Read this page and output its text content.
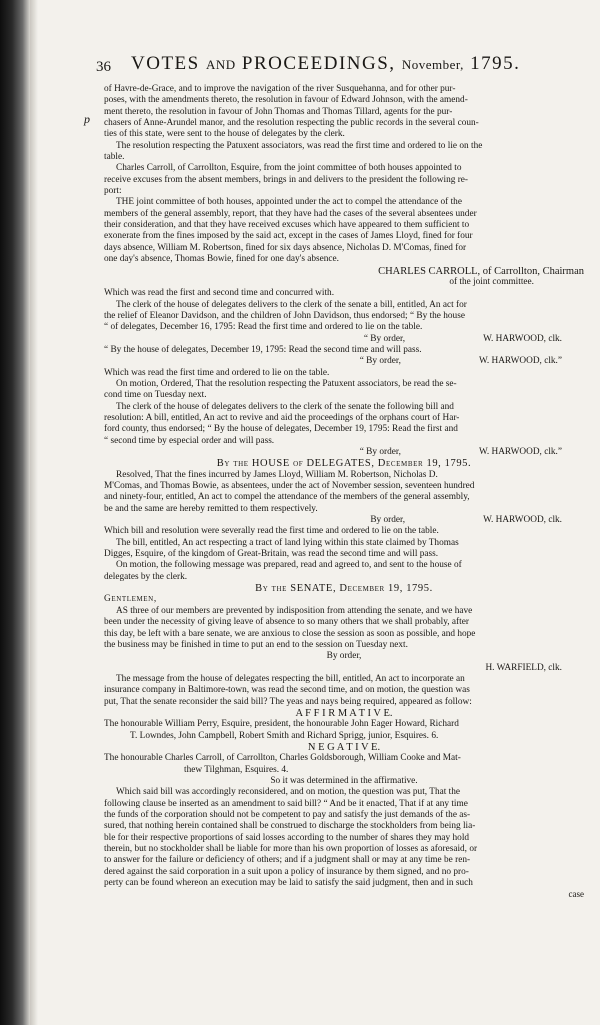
p
36 VOTES AND PROCEEDINGS, November, 1795.

of Havre-de-Grace, and to improve the navigation of the river Susquehanna, and for other pur-

poses, with the amendments thereto, the resolution in favour of Edward Johnson, with the amend-

ment thereto, the resolution in favour of John Thomas and Thomas Tillard, agents for the pur-

chasers of Anne-Arundel manor, and the resolution respecting the public records in the several coun-

ties of this state, were sent to the house of delegates by the clerk.

The resolution respecting the Patuxent associators, was read the first time and ordered to lie on the

table.

Charles Carroll, of Carrollton, Esquire, from the joint committee of both houses appointed to

receive excuses from the absent members, brings in and delivers to the president the following re-

port:

THE joint committee of both houses, appointed under the act to compel the attendance of the

members of the general assembly, report, that they have had the cases of the several absentees under

their consideration, and that they have received excuses which have appeared to them sufficient to

exonerate from the fines imposed by the said act, except in the cases of James Lloyd, fined for four

days absence, William M. Robertson, fined for six days absence, Nicholas D. M'Comas, fined for

one day's absence, Thomas Bowie, fined for one day's absence.

CHARLES CARROLL, of Carrollton, Chairman

of the joint committee.

Which was read the first and second time and concurred with.

The clerk of the house of delegates delivers to the clerk of the senate a bill, entitled, An act for

the relief of Eleanor Davidson, and the children of John Davidson, thus endorsed; “ By the house

“ of delegates, December 16, 1795: Read the first time and ordered to lie on the table.

“ By order,	W. HARWOOD, clk.

“ By the house of delegates, December 19, 1795: Read the second time and will pass.

“ By order,	W. HARWOOD, clk.”

Which was read the first time and ordered to lie on the table.

On motion, Ordered, That the resolution respecting the Patuxent associators, be read the se-

cond time on Tuesday next.

The clerk of the house of delegates delivers to the clerk of the senate the following bill and

resolution: A bill, entitled, An act to revive and aid the proceedings of the orphans court of Har-

ford county, thus endorsed; “ By the house of delegates, December 19, 1795: Read the first and

“ second time by especial order and will pass.

“ By order,	W. HARWOOD, clk.”

By the HOUSE of DELEGATES, December 19, 1795.

Resolved, That the fines incurred by James Lloyd, William M. Robertson, Nicholas D.

M'Comas, and Thomas Bowie, as absentees, under the act of November session, seventeen hundred

and ninety-four, entitled, An act to compel the attendance of the members of the general assembly,

be and the same are hereby remitted to them respectively.

By order,	W. HARWOOD, clk.

Which bill and resolution were severally read the first time and ordered to lie on the table.

The bill, entitled, An act respecting a tract of land lying within this state claimed by Thomas

Digges, Esquire, of the kingdom of Great-Britain, was read the second time and will pass.

On motion, the following message was prepared, read and agreed to, and sent to the house of

delegates by the clerk.

By the SENATE, December 19, 1795.

Gentlemen,

AS three of our members are prevented by indisposition from attending the senate, and we have

been under the necessity of giving leave of absence to so many others that we shall probably, after

this day, be left with a bare senate, we are anxious to close the session as soon as possible, and hope

the business may be finished in time to put an end to the session on Tuesday next.

By order,

H. WARFIELD, clk.

The message from the house of delegates respecting the bill, entitled, An act to incorporate an

insurance company in Baltimore-town, was read the second time, and on motion, the question was

put, That the senate reconsider the said bill? The yeas and nays being required, appeared as follow:

A F F I R M A T I V E.

The honourable William Perry, Esquire, president, the honourable John Eager Howard, Richard

T. Lowndes, John Campbell, Robert Smith and Richard Sprigg, junior, Esquires. 6.

N E G A T I V E.

The honourable Charles Carroll, of Carrollton, Charles Goldsborough, William Cooke and Mat-

thew Tilghman, Esquires. 4.

So it was determined in the affirmative.

Which said bill was accordingly reconsidered, and on motion, the question was put, That the

following clause be inserted as an amendment to said bill? “ And be it enacted, That if at any time

the funds of the corporation should not be competent to pay and satisfy the just demands of the as-

sured, that nothing herein contained shall be construed to discharge the stockholders from being lia-

ble for their respective proportions of said losses according to the number of shares they may hold

therein, but no stockholder shall be liable for more than his own proportion of losses as aforesaid, or

to answer for the failure or deficiency of others; and if a judgment shall or may at any time be ren-

dered against the said corporation in a suit upon a policy of insurance by them signed, and no pro-

perty can be found whereon an execution may be laid to satisfy the said judgment, then and in such

case
